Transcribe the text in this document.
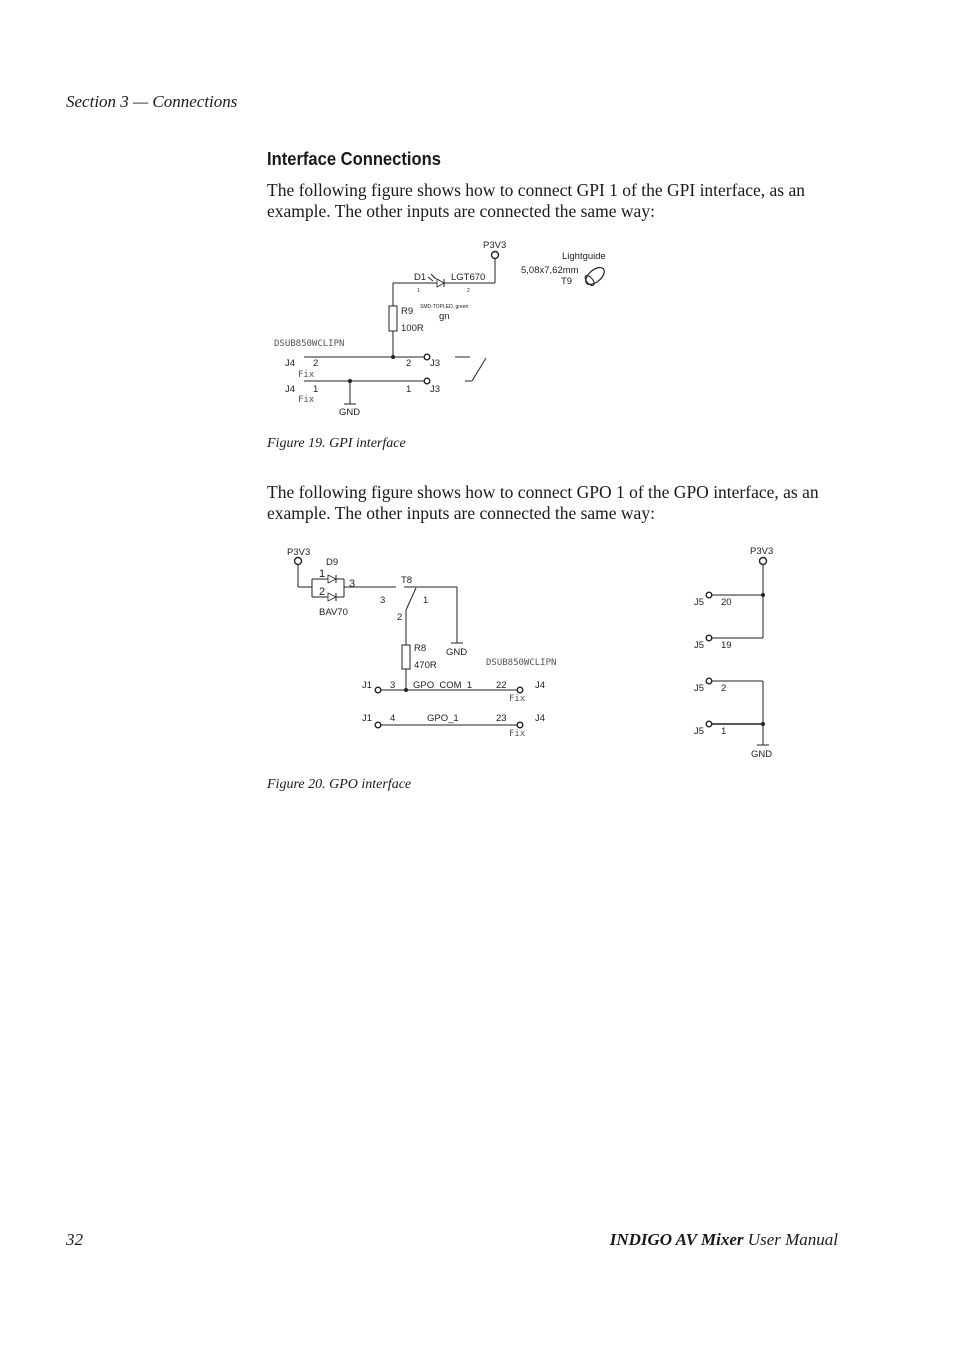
Section 3 — Connections
Interface Connections

The following figure shows how to connect GPI 1 of the GPI interface, as an example. The other inputs are connected the same way:

P3V3
D1	LGT670
1	2
SMD-TOPLED, green
gn
R9
100R
Lightguide
5,08x7,62mm
T9
DSUB850WCLIPN
J4 2
Fix
2 J3
J4 1
Fix
1 J3
GND
P3V3
D9
1
2
3
BAV70
T8
3	1
2
GND
R8
470R	DSUB850WCLIPN
J1 3 GPO_COM_1	22	J4
Fix
J1 4	GPO_1	23	J4
Fix
P3V3
J5 20
J5 19
J5 2
J5 1
GND
Figure 19. GPI interface

The following figure shows how to connect GPO 1 of the GPO interface, as an example. The other inputs are connected the same way:

Figure 20. GPO interface
32	INDIGO AV Mixer User Manual
